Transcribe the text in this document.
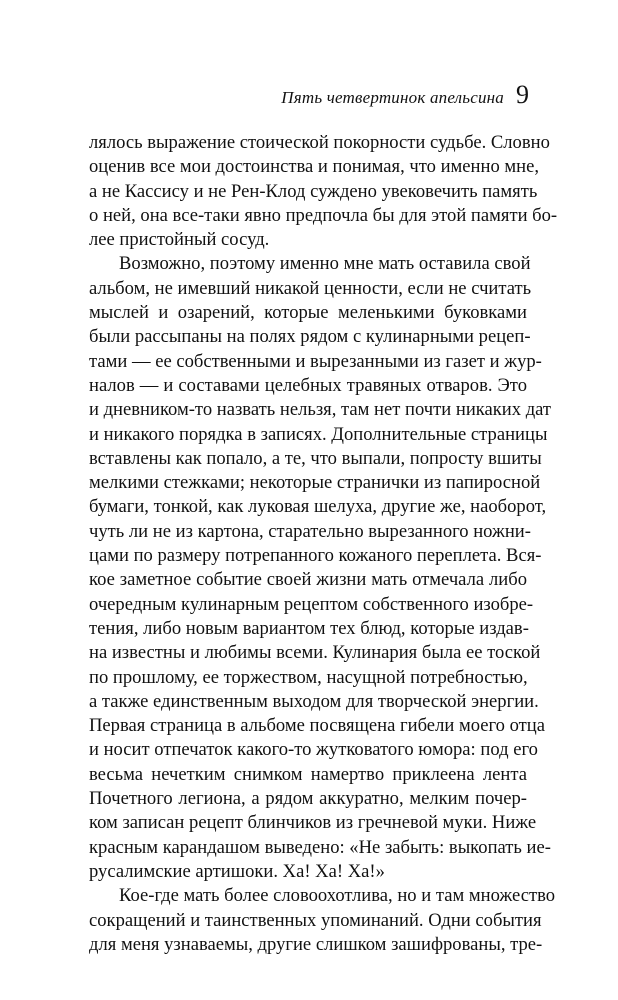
Пять четвертинок апельсина 9
лялось выражение стоической покорности судьбе. Словно
оценив все мои достоинства и понимая, что именно мне,
а не Кассису и не Рен-Клод суждено увековечить память
о ней, она все-таки явно предпочла бы для этой памяти бо-
лее пристойный сосуд.
Возможно, поэтому именно мне мать оставила свой
альбом, не имевший никакой ценности, если не считать
мыслей и озарений, которые меленькими буковками
были рассыпаны на полях рядом с кулинарными рецеп-
тами — ее собственными и вырезанными из газет и жур-
налов — и составами целебных травяных отваров. Это
и дневником-то назвать нельзя, там нет почти никаких дат
и никакого порядка в записях. Дополнительные страницы
вставлены как попало, а те, что выпали, попросту вшиты
мелкими стежками; некоторые странички из папиросной
бумаги, тонкой, как луковая шелуха, другие же, наоборот,
чуть ли не из картона, старательно вырезанного ножни-
цами по размеру потрепанного кожаного переплета. Вся-
кое заметное событие своей жизни мать отмечала либо
очередным кулинарным рецептом собственного изобре-
тения, либо новым вариантом тех блюд, которые издав-
на известны и любимы всеми. Кулинария была ее тоской
по прошлому, ее торжеством, насущной потребностью,
а также единственным выходом для творческой энергии.
Первая страница в альбоме посвящена гибели моего отца
и носит отпечаток какого-то жутковатого юмора: под его
весьма нечетким снимком намертво приклеена лента
Почетного легиона, а рядом аккуратно, мелким почер-
ком записан рецепт блинчиков из гречневой муки. Ниже
красным карандашом выведено: «Не забыть: выкопать ие-
русалимские артишоки. Ха! Ха! Ха!»
Кое-где мать более словоохотлива, но и там множество
сокращений и таинственных упоминаний. Одни события
для меня узнаваемы, другие слишком зашифрованы, тре-
